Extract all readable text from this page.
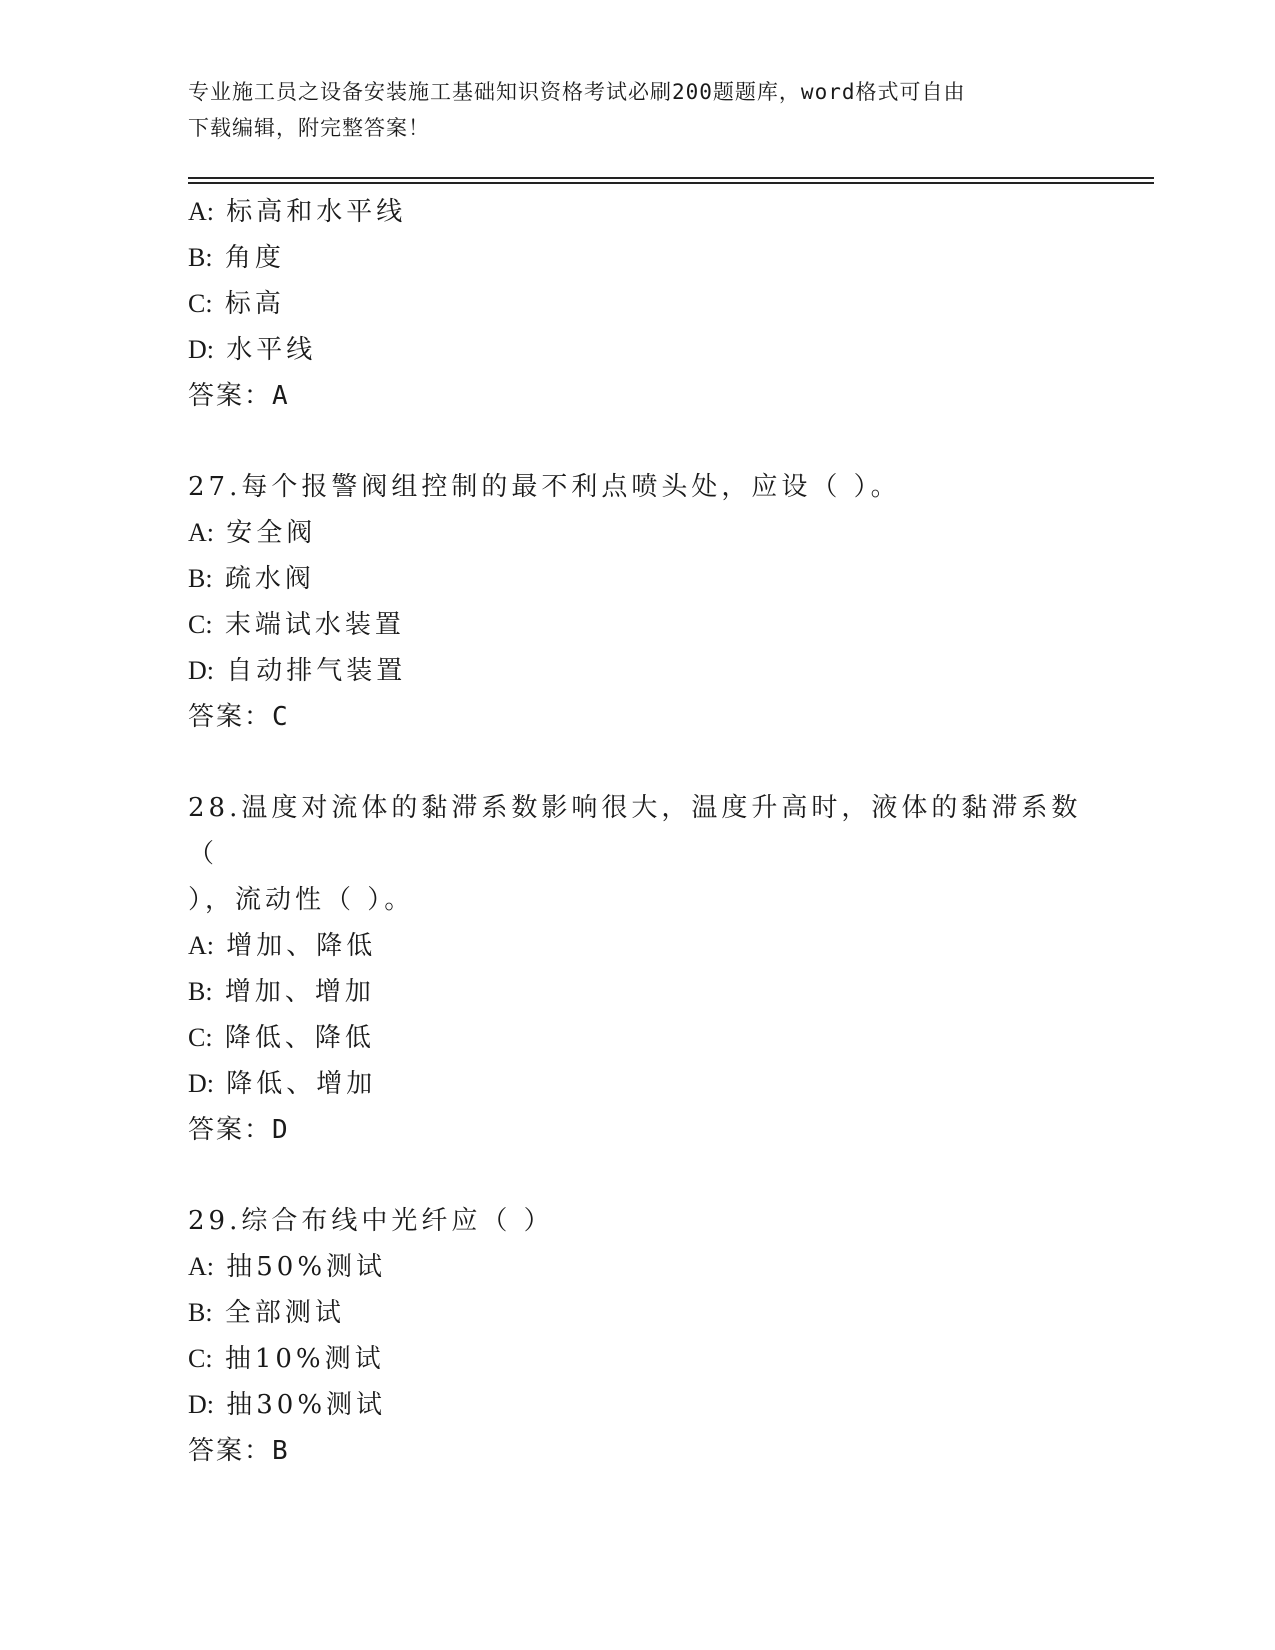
专业施工员之设备安装施工基础知识资格考试必刷200题题库，word格式可自由
下载编辑，附完整答案！
A: 标高和水平线
B: 角度
C: 标高
D: 水平线
答案：A
27.每个报警阀组控制的最不利点喷头处，应设（ ）。
A: 安全阀
B: 疏水阀
C: 末端试水装置
D: 自动排气装置
答案：C
28.温度对流体的黏滞系数影响很大，温度升高时，液体的黏滞系数（
），流动性（ ）。
A: 增加、降低
B: 增加、增加
C: 降低、降低
D: 降低、增加
答案：D
29.综合布线中光纤应（ ）
A: 抽50%测试
B: 全部测试
C: 抽10%测试
D: 抽30%测试
答案：B
